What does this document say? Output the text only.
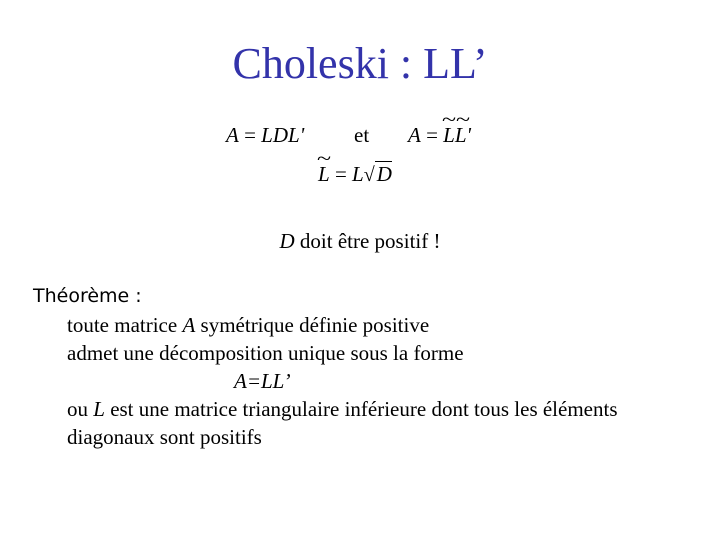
Choleski : LL’
A = LDL' et A = ~ L~ L'
~ L = L√D
D doit être positif !
Théorème :
toute matrice A symétrique définie positive
admet une décomposition unique sous la forme
A=LL’
ou L est une matrice triangulaire inférieure dont tous les éléments
diagonaux sont positifs
